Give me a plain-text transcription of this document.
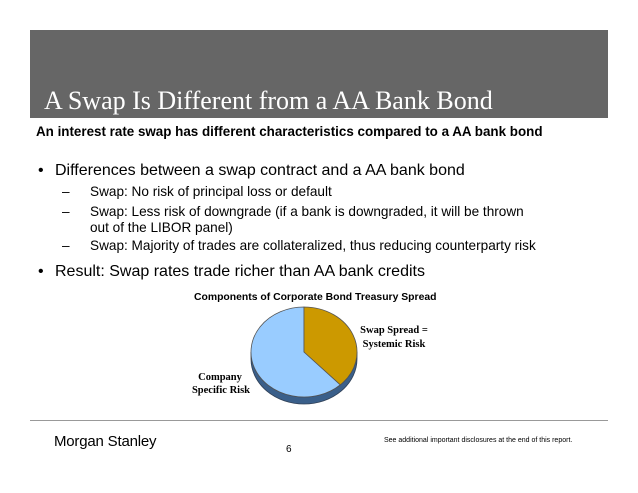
A Swap Is Different from a AA Bank Bond
An interest rate swap has different characteristics compared to a AA bank bond
• Differences between a swap contract and a AA bank bond
– Swap: No risk of principal loss or default
– Swap: Less risk of downgrade (if a bank is downgraded, it will be thrown
out of the LIBOR panel)
– Swap: Majority of trades are collateralized, thus reducing counterparty risk
• Result: Swap rates trade richer than AA bank credits
Components of Corporate Bond Treasury Spread
Swap Spread =
Systemic Risk
Company
Specific Risk
Morgan Stanley	6
See additional important disclosures at the end of this report.
